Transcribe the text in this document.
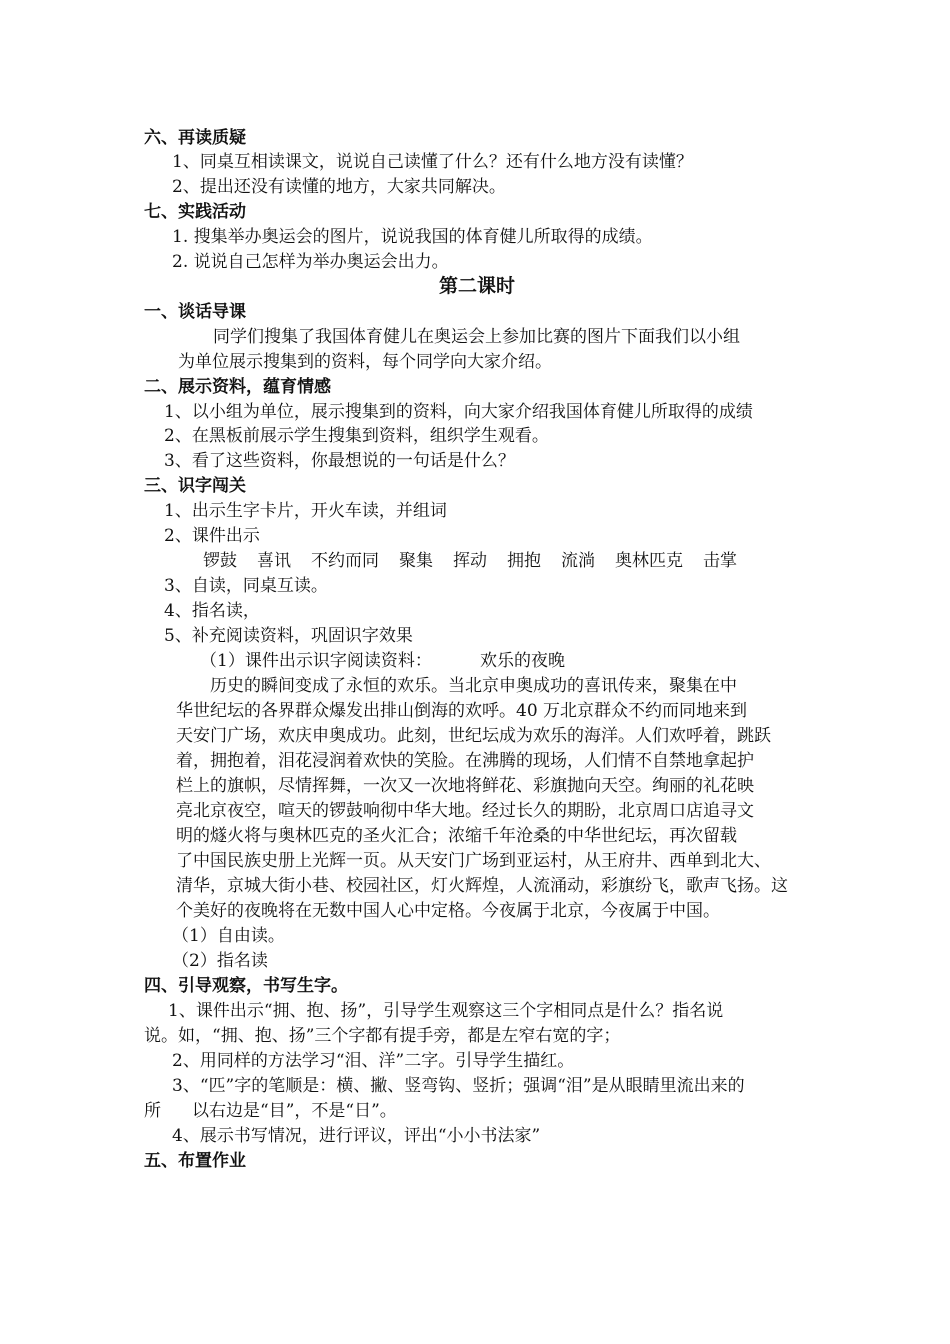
六、再读质疑
1、同桌互相读课文，说说自己读懂了什么？还有什么地方没有读懂？
2、提出还没有读懂的地方，大家共同解决。
七、实践活动
1. 搜集举办奥运会的图片，说说我国的体育健儿所取得的成绩。
2. 说说自己怎样为举办奥运会出力。
第二课时
一、谈话导课
同学们搜集了我国体育健儿在奥运会上参加比赛的图片下面我们以小组
为单位展示搜集到的资料，每个同学向大家介绍。
二、展示资料，蕴育情感
1、以小组为单位，展示搜集到的资料，向大家介绍我国体育健儿所取得的成绩
2、在黑板前展示学生搜集到资料，组织学生观看。
3、看了这些资料，你最想说的一句话是什么？
三、识字闯关
1、出示生字卡片，开火车读，并组词
2、课件出示
锣鼓 喜讯 不约而同 聚集 挥动 拥抱 流淌 奥林匹克 击掌
3、自读，同桌互读。
4、指名读，
5、补充阅读资料，巩固识字效果
（1）课件出示识字阅读资料：	欢乐的夜晚
历史的瞬间变成了永恒的欢乐。当北京申奥成功的喜讯传来，聚集在中
华世纪坛的各界群众爆发出排山倒海的欢呼。40 万北京群众不约而同地来到
天安门广场，欢庆申奥成功。此刻，世纪坛成为欢乐的海洋。人们欢呼着，跳跃
着，拥抱着，泪花浸润着欢快的笑脸。在沸腾的现场，人们情不自禁地拿起护
栏上的旗帜，尽情挥舞，一次又一次地将鲜花、彩旗抛向天空。绚丽的礼花映
亮北京夜空，喧天的锣鼓响彻中华大地。经过长久的期盼，北京周口店追寻文
明的燧火将与奥林匹克的圣火汇合；浓缩千年沧桑的中华世纪坛，再次留载
了中国民族史册上光辉一页。从天安门广场到亚运村，从王府井、西单到北大、
清华，京城大街小巷、校园社区，灯火辉煌，人流涌动，彩旗纷飞，歌声飞扬。这
个美好的夜晚将在无数中国人心中定格。今夜属于北京，今夜属于中国。
（1）自由读。
（2）指名读
四、引导观察，书写生字。
1、课件出示“拥、抱、扬”，引导学生观察这三个字相同点是什么？指名说
说。如，“拥、抱、扬”三个字都有提手旁，都是左窄右宽的字；
2、用同样的方法学习“泪、洋”二字。引导学生描红。
3、“匹”字的笔顺是：横、撇、竖弯钩、竖折；强调“泪”是从眼睛里流出来的
所 以右边是“目”，不是“日”。
4、展示书写情况，进行评议，评出“小小书法家”
五、布置作业
